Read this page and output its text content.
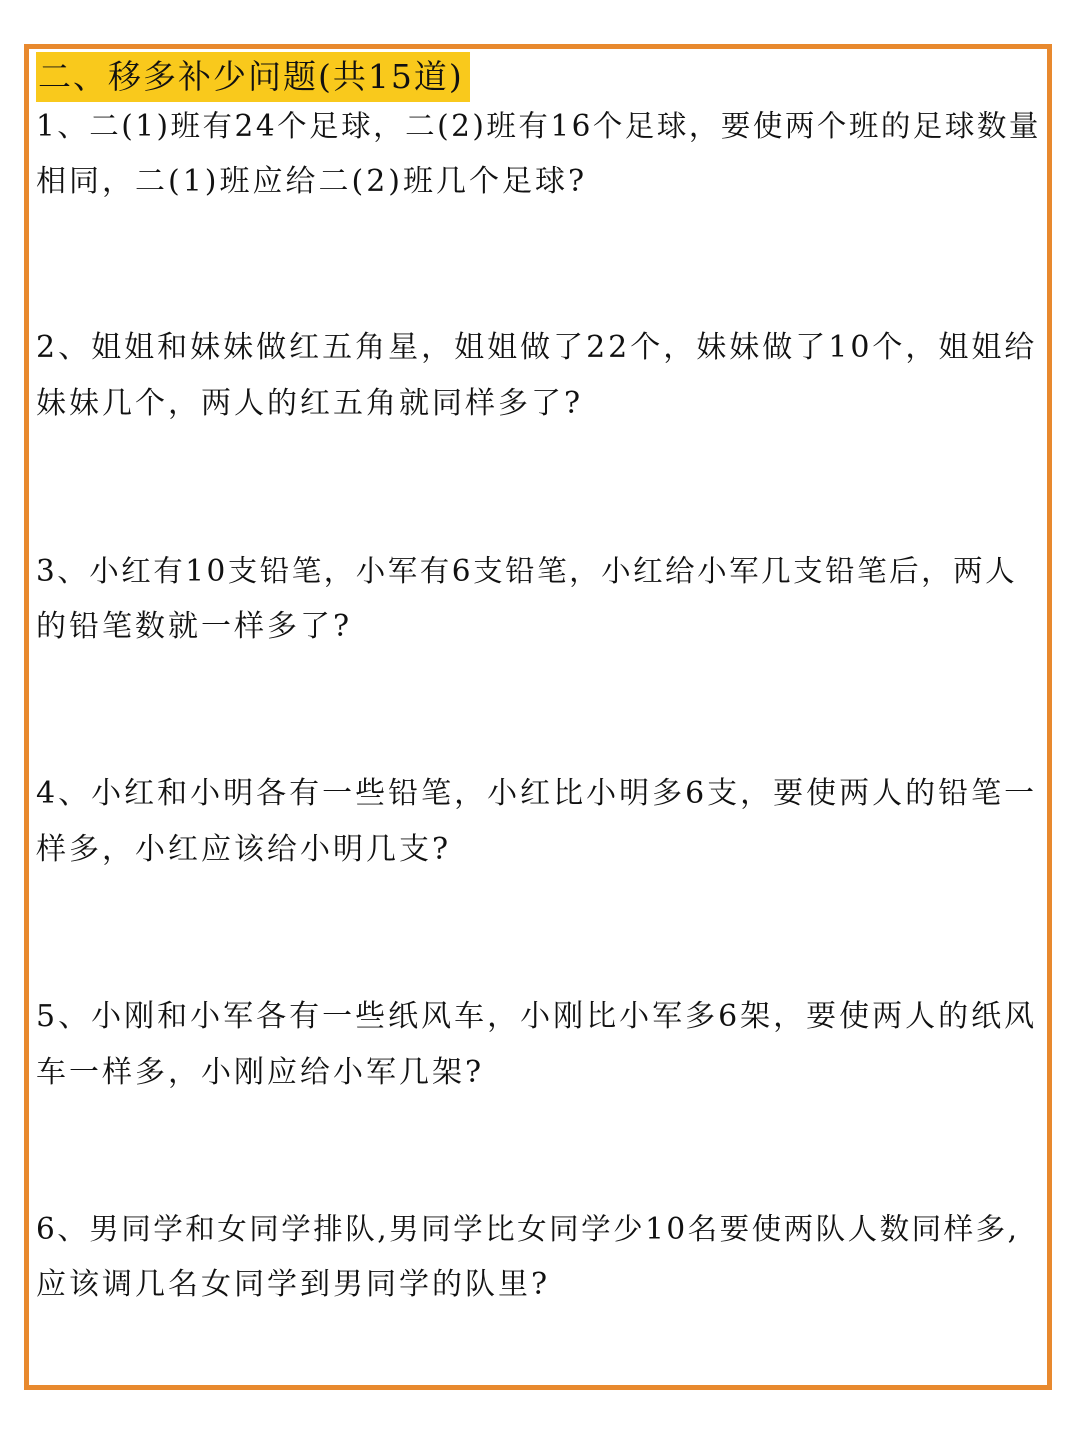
二、移多补少问题(共15道)
1、二(1)班有24个足球，二(2)班有16个足球，要使两个班的足球数量
相同，二(1)班应给二(2)班几个足球?
2、姐姐和妹妹做红五角星，姐姐做了22个，妹妹做了10个，姐姐给
妹妹几个，两人的红五角就同样多了?
3、小红有10支铅笔，小军有6支铅笔，小红给小军几支铅笔后，两人
的铅笔数就一样多了?
4、小红和小明各有一些铅笔，小红比小明多6支，要使两人的铅笔一
样多，小红应该给小明几支?
5、小刚和小军各有一些纸风车，小刚比小军多6架，要使两人的纸风
车一样多，小刚应给小军几架?
6、男同学和女同学排队,男同学比女同学少10名要使两队人数同样多,
应该调几名女同学到男同学的队里?
